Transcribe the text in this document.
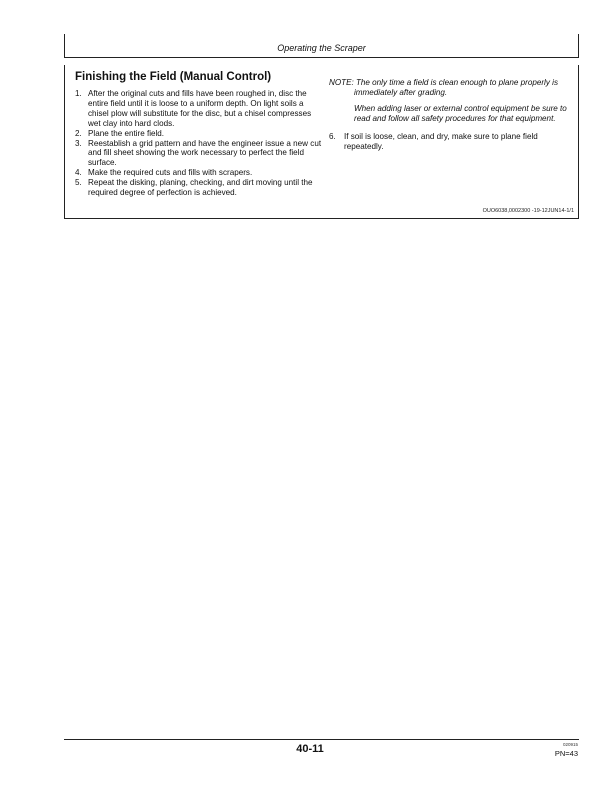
Operating the Scraper
Finishing the Field (Manual Control)
1. After the original cuts and fills have been roughed in, disc the entire field until it is loose to a uniform depth. On light soils a chisel plow will substitute for the disc, but a chisel compresses wet clay into hard clods.
2. Plane the entire field.
3. Reestablish a grid pattern and have the engineer issue a new cut and fill sheet showing the work necessary to perfect the field surface.
4. Make the required cuts and fills with scrapers.
5. Repeat the disking, planing, checking, and dirt moving until the required degree of perfection is achieved.

NOTE: The only time a field is clean enough to plane properly is immediately after grading.

When adding laser or external control equipment be sure to read and follow all safety procedures for that equipment.

6.	If soil is loose, clean, and dry, make sure to plane field repeatedly.
OUO6038,0002300 -19-12JUN14-1/1
40-11	020915
PN=43
